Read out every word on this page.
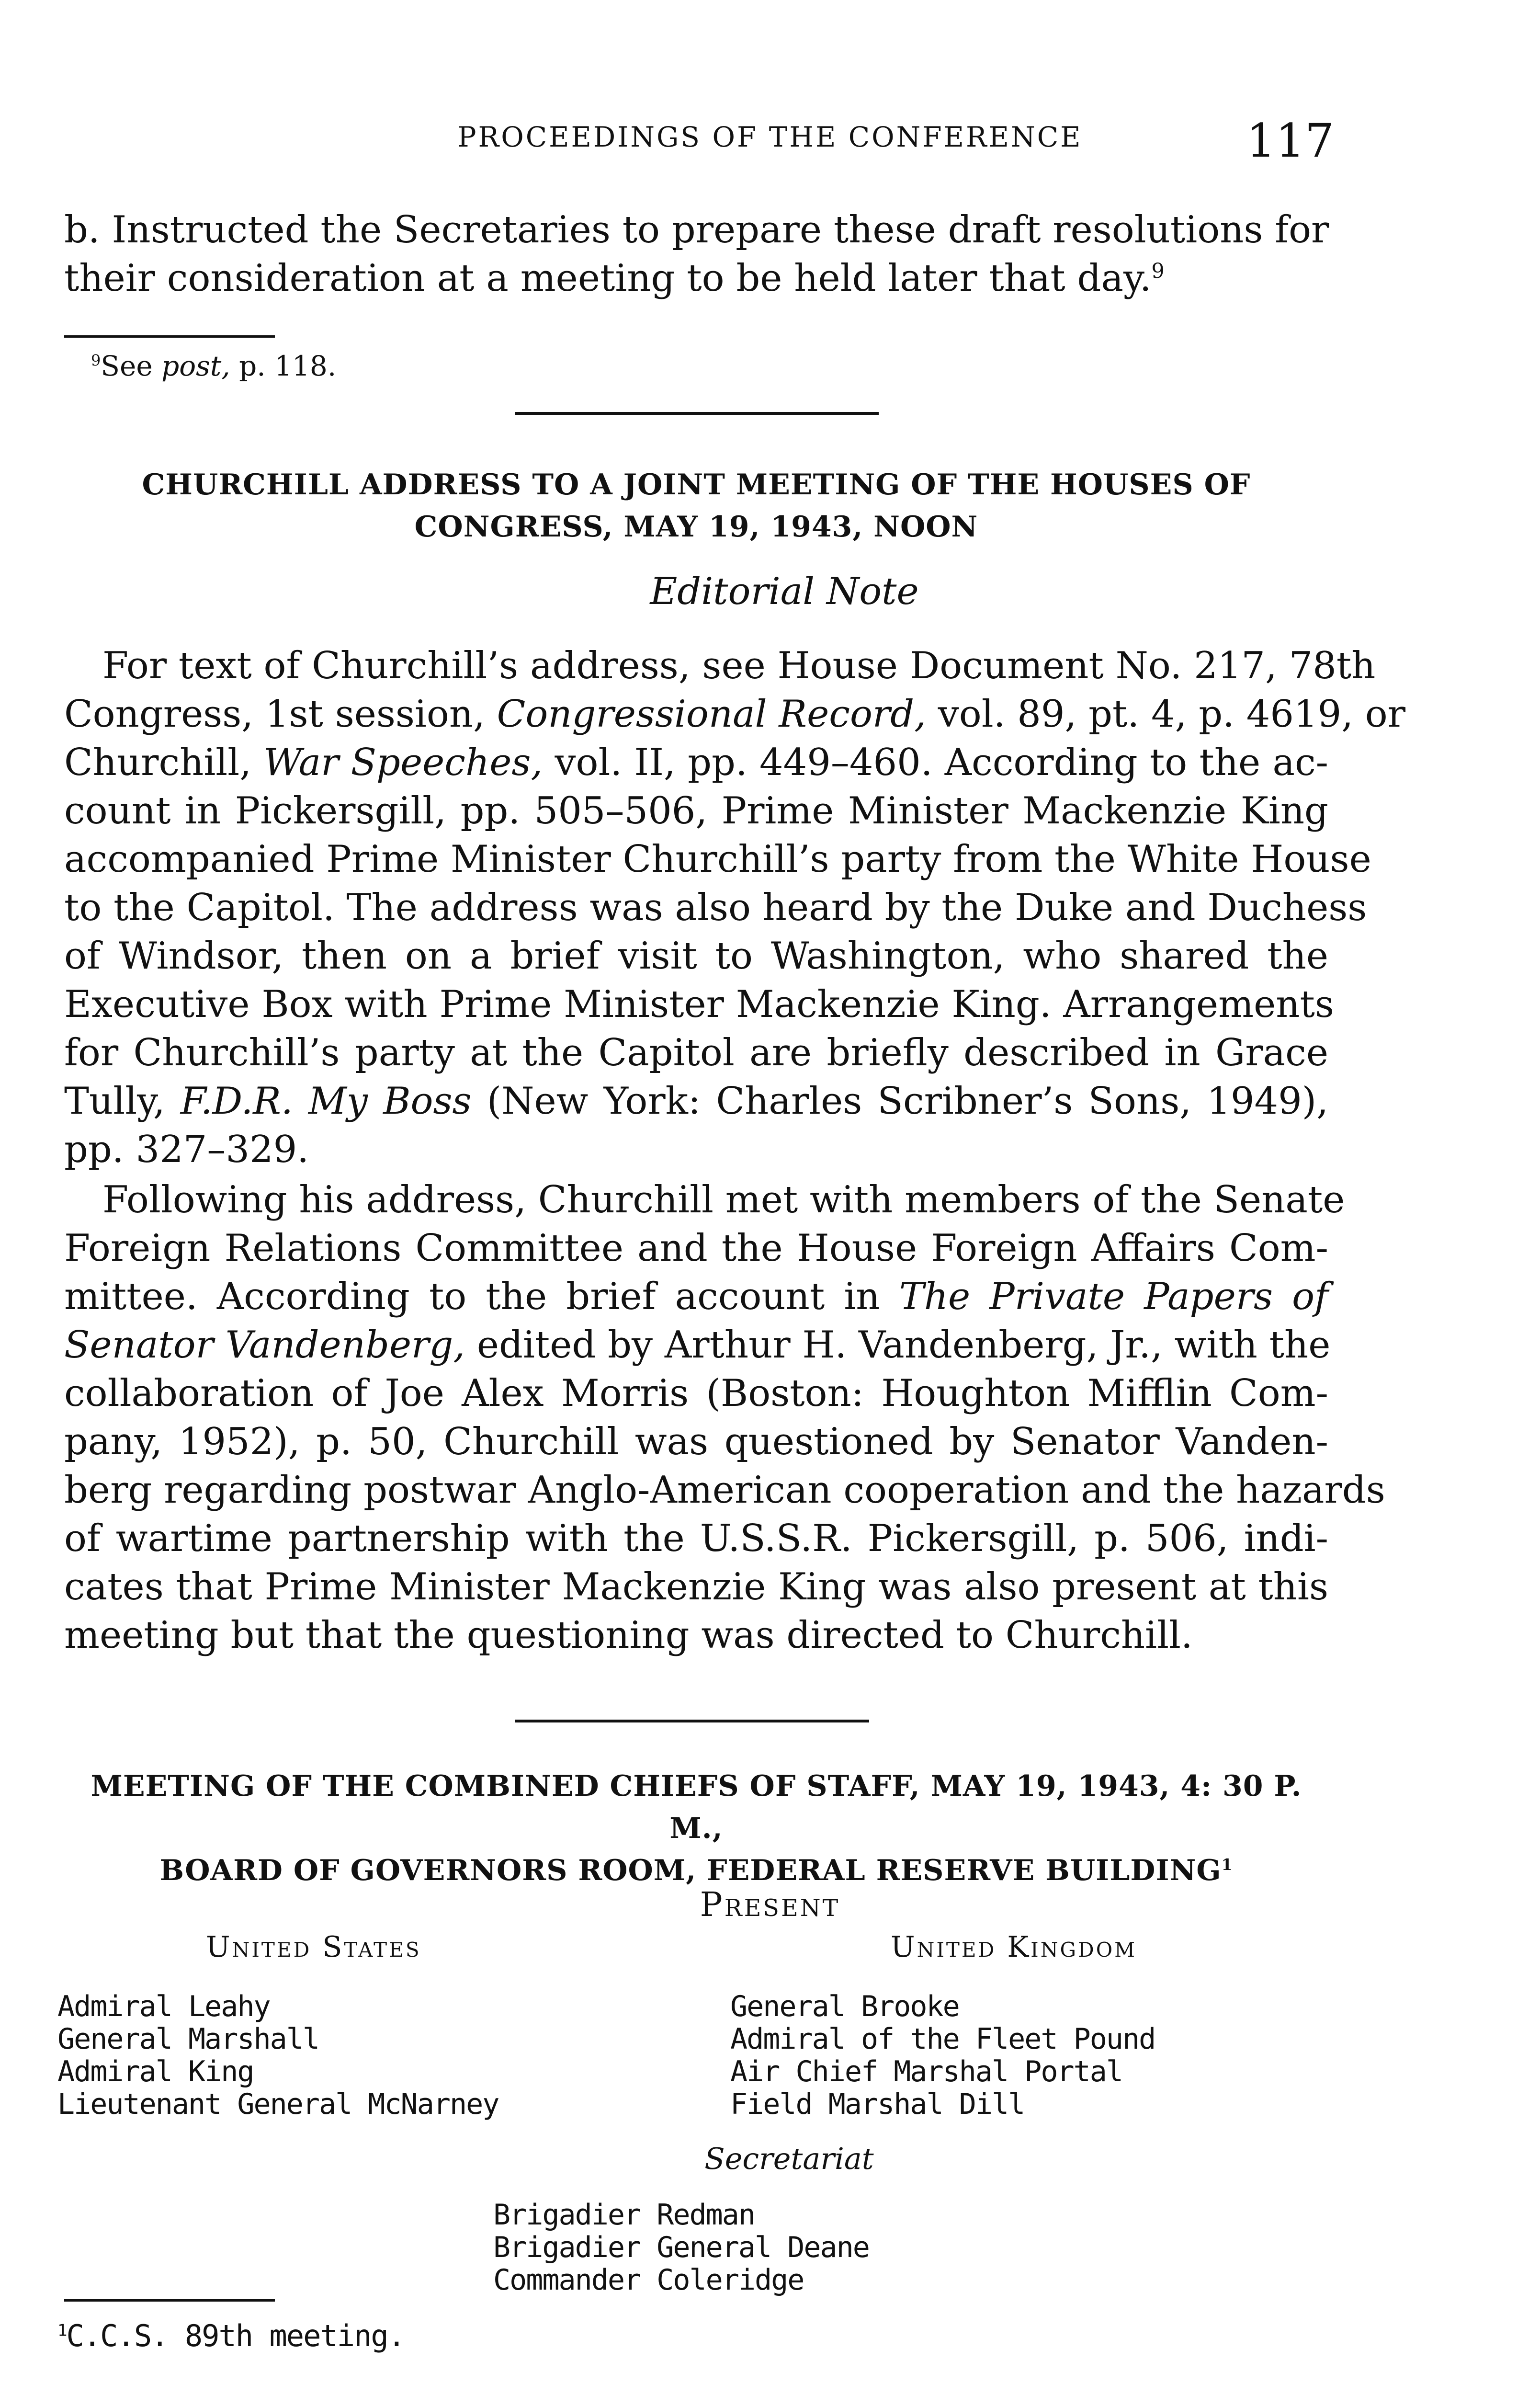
PROCEEDINGS OF THE CONFERENCE	117
b. Instructed the Secretaries to prepare these draft resolutions for
their consideration at a meeting to be held later that day.$^9$
$^9$See post, p. 118.
CHURCHILL ADDRESS TO A JOINT MEETING OF THE HOUSES OF
CONGRESS, MAY 19, 1943, NOON
Editorial Note
For text of Churchill’s address, see House Document No. 217, 78th
Congress, 1st session, Congressional Record, vol. 89, pt. 4, p. 4619, or
Churchill, War Speeches, vol. II, pp. 449–460. According to the ac-
count in Pickersgill, pp. 505–506, Prime Minister Mackenzie King
accompanied Prime Minister Churchill’s party from the White House
to the Capitol. The address was also heard by the Duke and Duchess
of Windsor, then on a brief visit to Washington, who shared the
Executive Box with Prime Minister Mackenzie King. Arrangements
for Churchill’s party at the Capitol are briefly described in Grace
Tully, F.D.R. My Boss (New York: Charles Scribner’s Sons, 1949),
pp. 327–329.
Following his address, Churchill met with members of the Senate
Foreign Relations Committee and the House Foreign Affairs Com-
mittee. According to the brief account in The Private Papers of
Senator Vandenberg, edited by Arthur H. Vandenberg, Jr., with the
collaboration of Joe Alex Morris (Boston: Houghton Mifflin Com-
pany, 1952), p. 50, Churchill was questioned by Senator Vanden-
berg regarding postwar Anglo-American cooperation and the hazards
of wartime partnership with the U.S.S.R. Pickersgill, p. 506, indi-
cates that Prime Minister Mackenzie King was also present at this
meeting but that the questioning was directed to Churchill.
MEETING OF THE COMBINED CHIEFS OF STAFF, MAY 19, 1943, 4: 30 P. M.,
BOARD OF GOVERNORS ROOM, FEDERAL RESERVE BUILDING$^1$
Present
United States	United Kingdom
Admiral Leahy
General Marshall
Admiral King
Lieutenant General McNarney
General Brooke
Admiral of the Fleet Pound
Air Chief Marshal Portal
Field Marshal Dill
Secretariat
Brigadier Redman
Brigadier General Deane
Commander Coleridge
$^1$C.C.S. 89th meeting.
